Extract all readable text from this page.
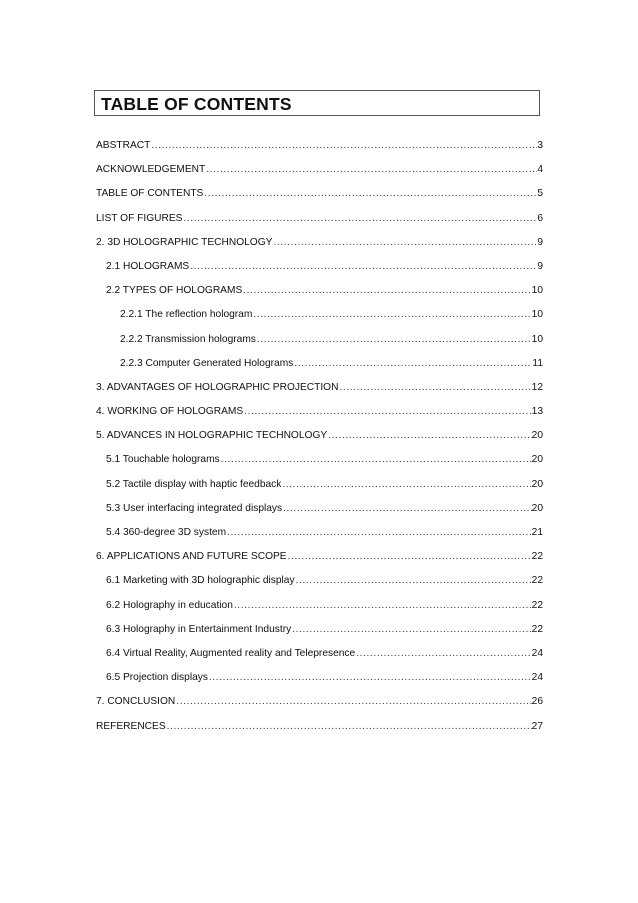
TABLE OF CONTENTS
ABSTRACT .....	3
ACKNOWLEDGEMENT .....	4
TABLE OF CONTENTS .....	5
LIST OF FIGURES .....	6
2. 3D HOLOGRAPHIC TECHNOLOGY .....	9
2.1 HOLOGRAMS .....	9
2.2 TYPES OF HOLOGRAMS .....	10
2.2.1 The reflection hologram .....	10
2.2.2 Transmission holograms .....	10
2.2.3 Computer Generated Holograms .....	11
3. ADVANTAGES OF HOLOGRAPHIC PROJECTION .....	12
4. WORKING OF HOLOGRAMS .....	13
5. ADVANCES IN HOLOGRAPHIC TECHNOLOGY .....	20
5.1 Touchable holograms .....	20
5.2 Tactile display with haptic feedback .....	20
5.3 User interfacing integrated displays .....	20
5.4 360-degree 3D system .....	21
6. APPLICATIONS AND FUTURE SCOPE .....	22
6.1 Marketing with 3D holographic display .....	22
6.2 Holography in education .....	22
6.3 Holography in Entertainment Industry .....	22
6.4 Virtual Reality, Augmented reality and Telepresence .....	24
6.5 Projection displays .....	24
7. CONCLUSION .....	26
REFERENCES .....	27
